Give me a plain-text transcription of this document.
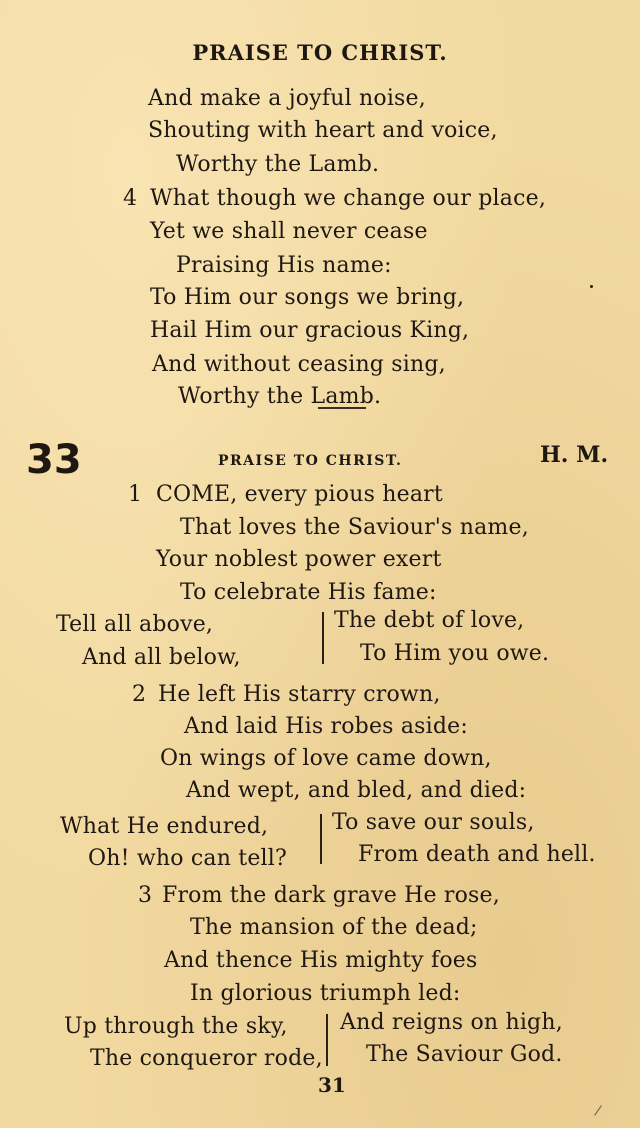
PRAISE TO CHRIST.
And make a joyful noise,
Shouting with heart and voice,
Worthy the Lamb.
4 What though we change our place,
Yet we shall never cease
Praising His name:
To Him our songs we bring,
Hail Him our gracious King,
And without ceasing sing,
Worthy the Lamb.
33	PRAISE TO CHRIST.	H. M.
1 COME, every pious heart
That loves the Saviour's name,
Your noblest power exert
To celebrate His fame:
Tell all above,
And all below,
The debt of love,
To Him you owe.
2 He left His starry crown,
And laid His robes aside:
On wings of love came down,
And wept, and bled, and died:
What He endured,
Oh! who can tell?
To save our souls,
From death and hell.
3 From the dark grave He rose,
The mansion of the dead;
And thence His mighty foes
In glorious triumph led:
Up through the sky,
The conqueror rode,
And reigns on high,
The Saviour God.
31
